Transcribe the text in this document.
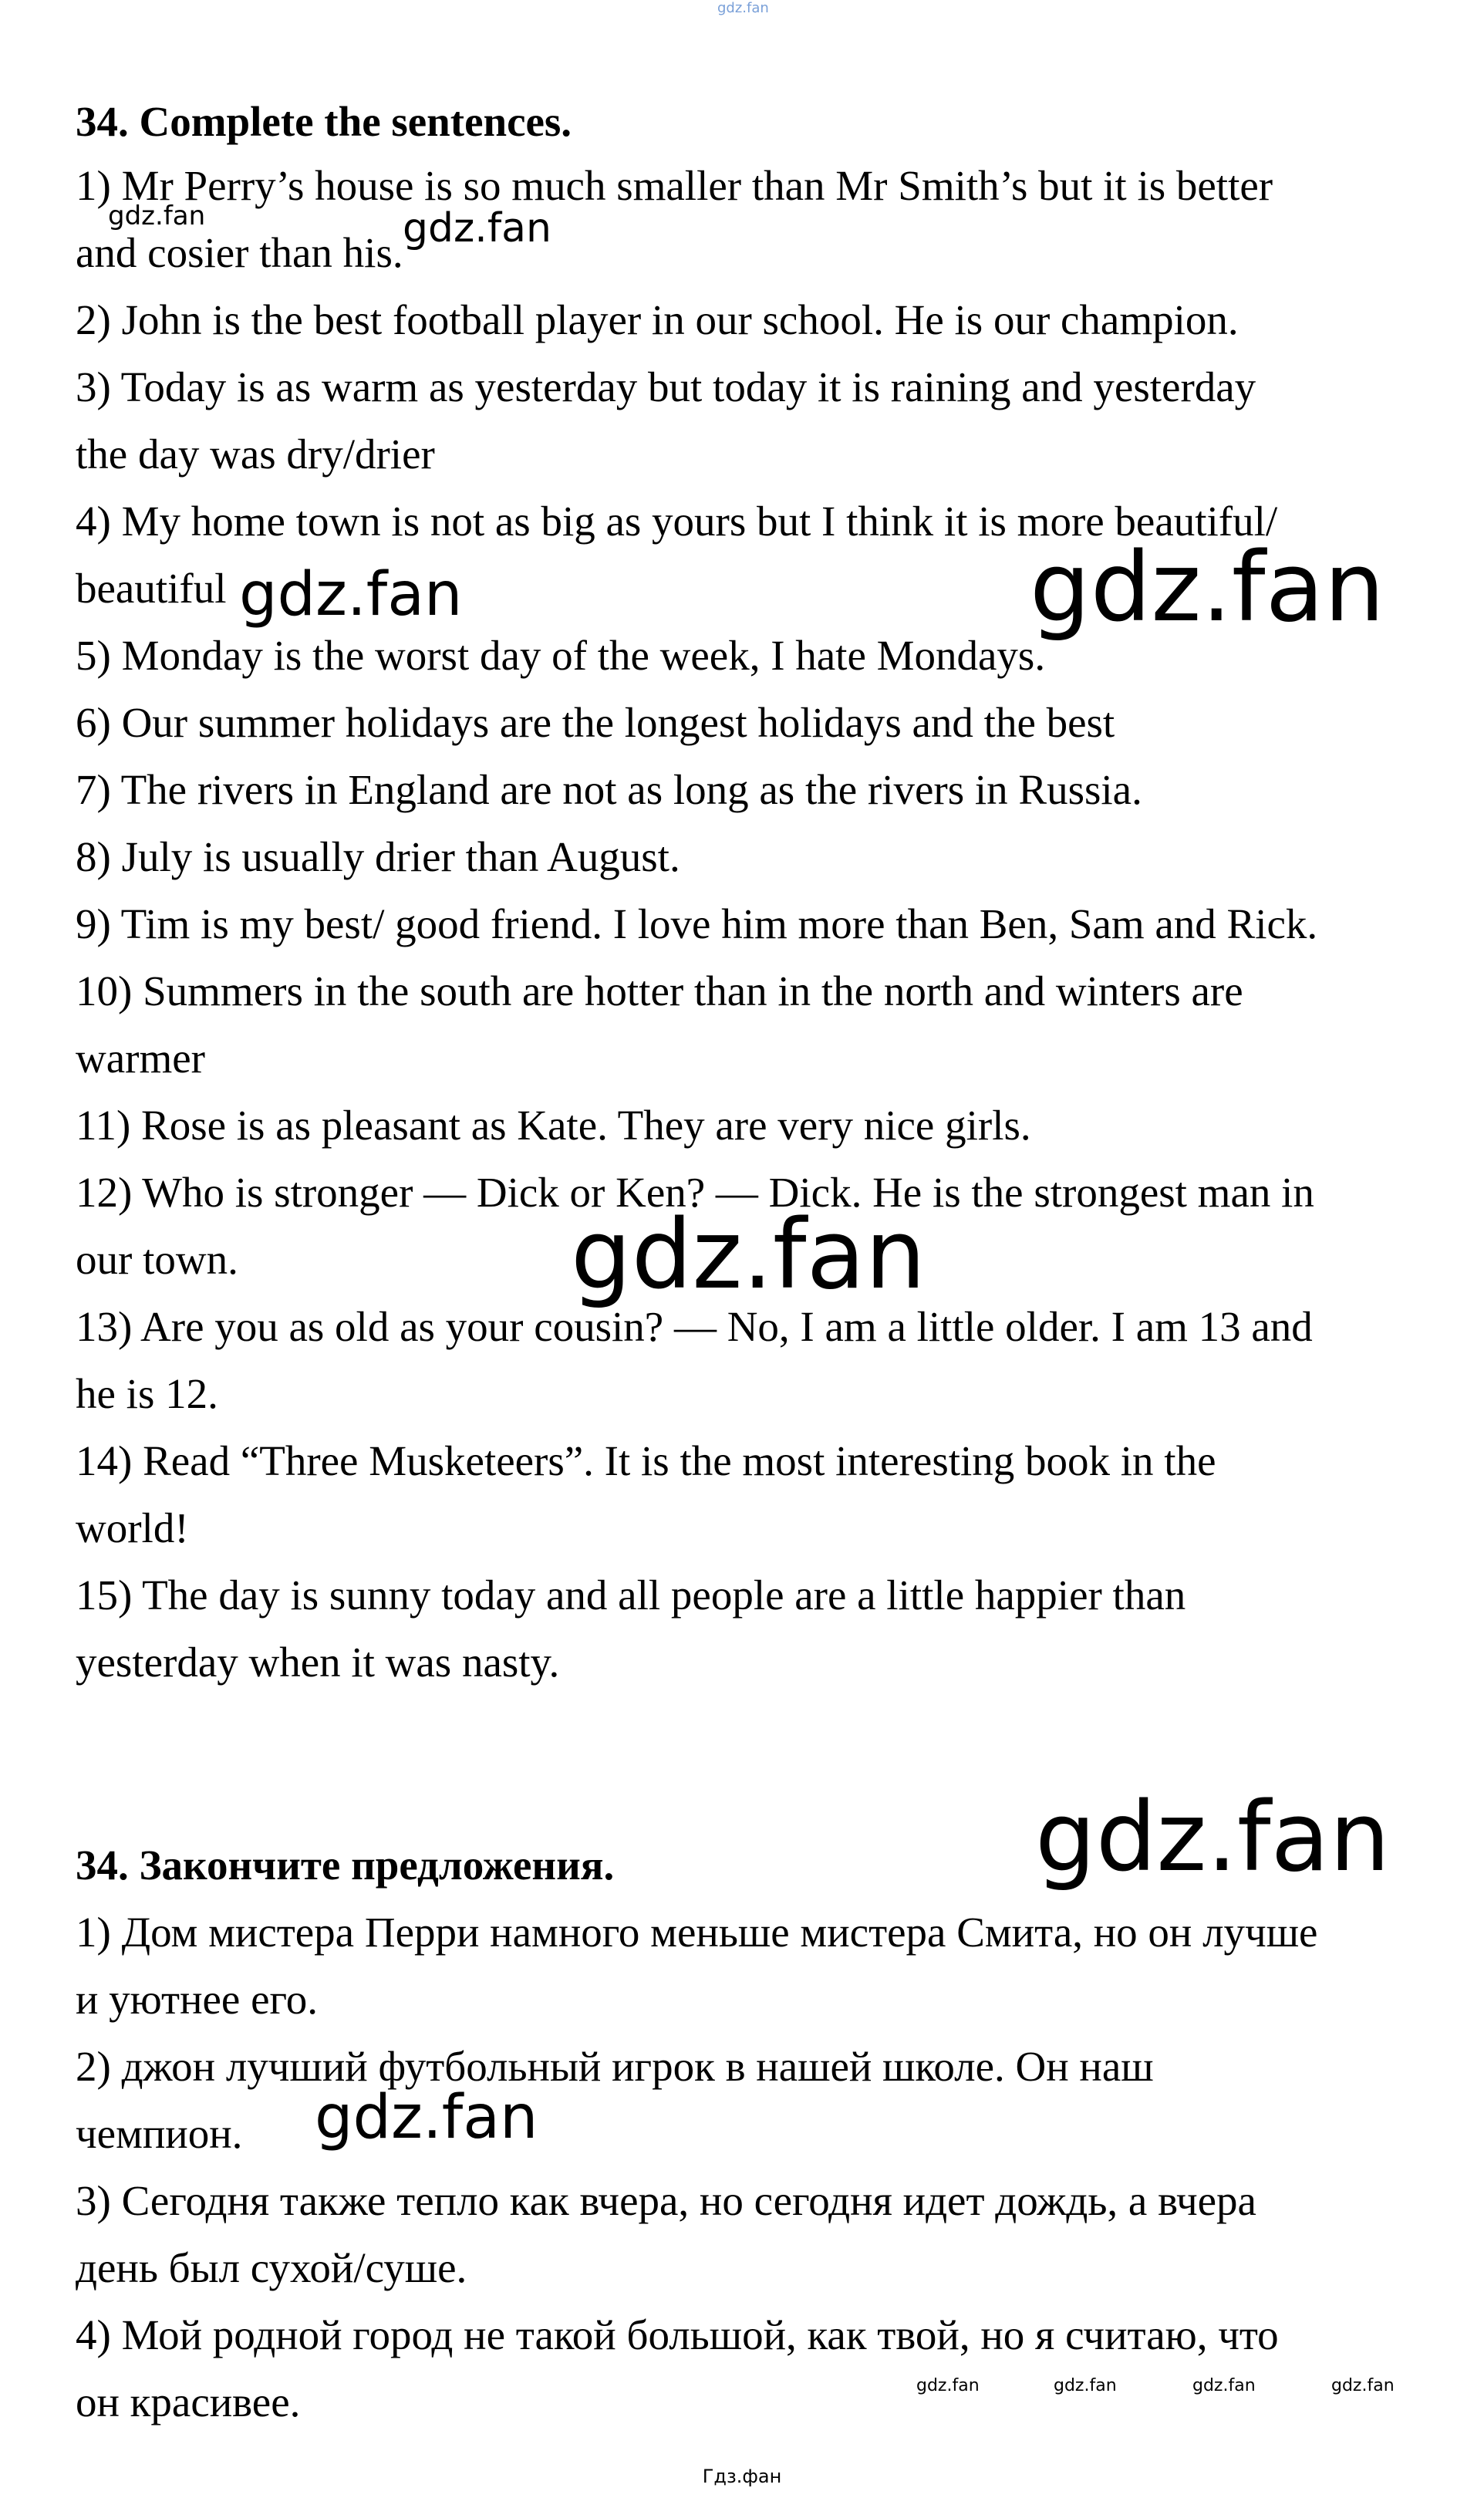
gdz.fan
34. Complete the sentences.
1) Mr Perry’s house is so much smaller than Mr Smith’s but it is better
and cosier than his.
2) John is the best football player in our school. He is our champion.
3) Today is as warm as yesterday but today it is raining and yesterday
the day was dry/drier
4) My home town is not as big as yours but I think it is more beautiful/
beautiful
5) Monday is the worst day of the week, I hate Mondays.
6) Our summer holidays are the longest holidays and the best
7) The rivers in England are not as long as the rivers in Russia.
8) July is usually drier than August.
9) Tim is my best/ good friend. I love him more than Ben, Sam and Rick.
10) Summers in the south are hotter than in the north and winters are
warmer
11) Rose is as pleasant as Kate. They are very nice girls.
12) Who is stronger — Dick or Ken? — Dick. He is the strongest man in
our town.
13) Are you as old as your cousin? — No, I am a little older. I am 13 and
he is 12.
14) Read “Three Musketeers”. It is the most interesting book in the
world!
15) The day is sunny today and all people are a little happier than
yesterday when it was nasty.
34. Закончите предложения.
1) Дом мистера Перри намного меньше мистера Смита, но он лучше
и уютнее его.
2) джон лучший футбольный игрок в нашей школе. Он наш
чемпион.
3) Сегодня также тепло как вчера, но сегодня идет дождь, а вчера
день был сухой/суше.
4) Мой родной город не такой большой, как твой, но я считаю, что
он красивее.
gdz.fan	gdz.fan
gdz.fan	gdz.fan
gdz.fan
gdz.fan
gdz.fan
gdz.fan	gdz.fan	gdz.fan	gdz.fan
Гдз.фан
